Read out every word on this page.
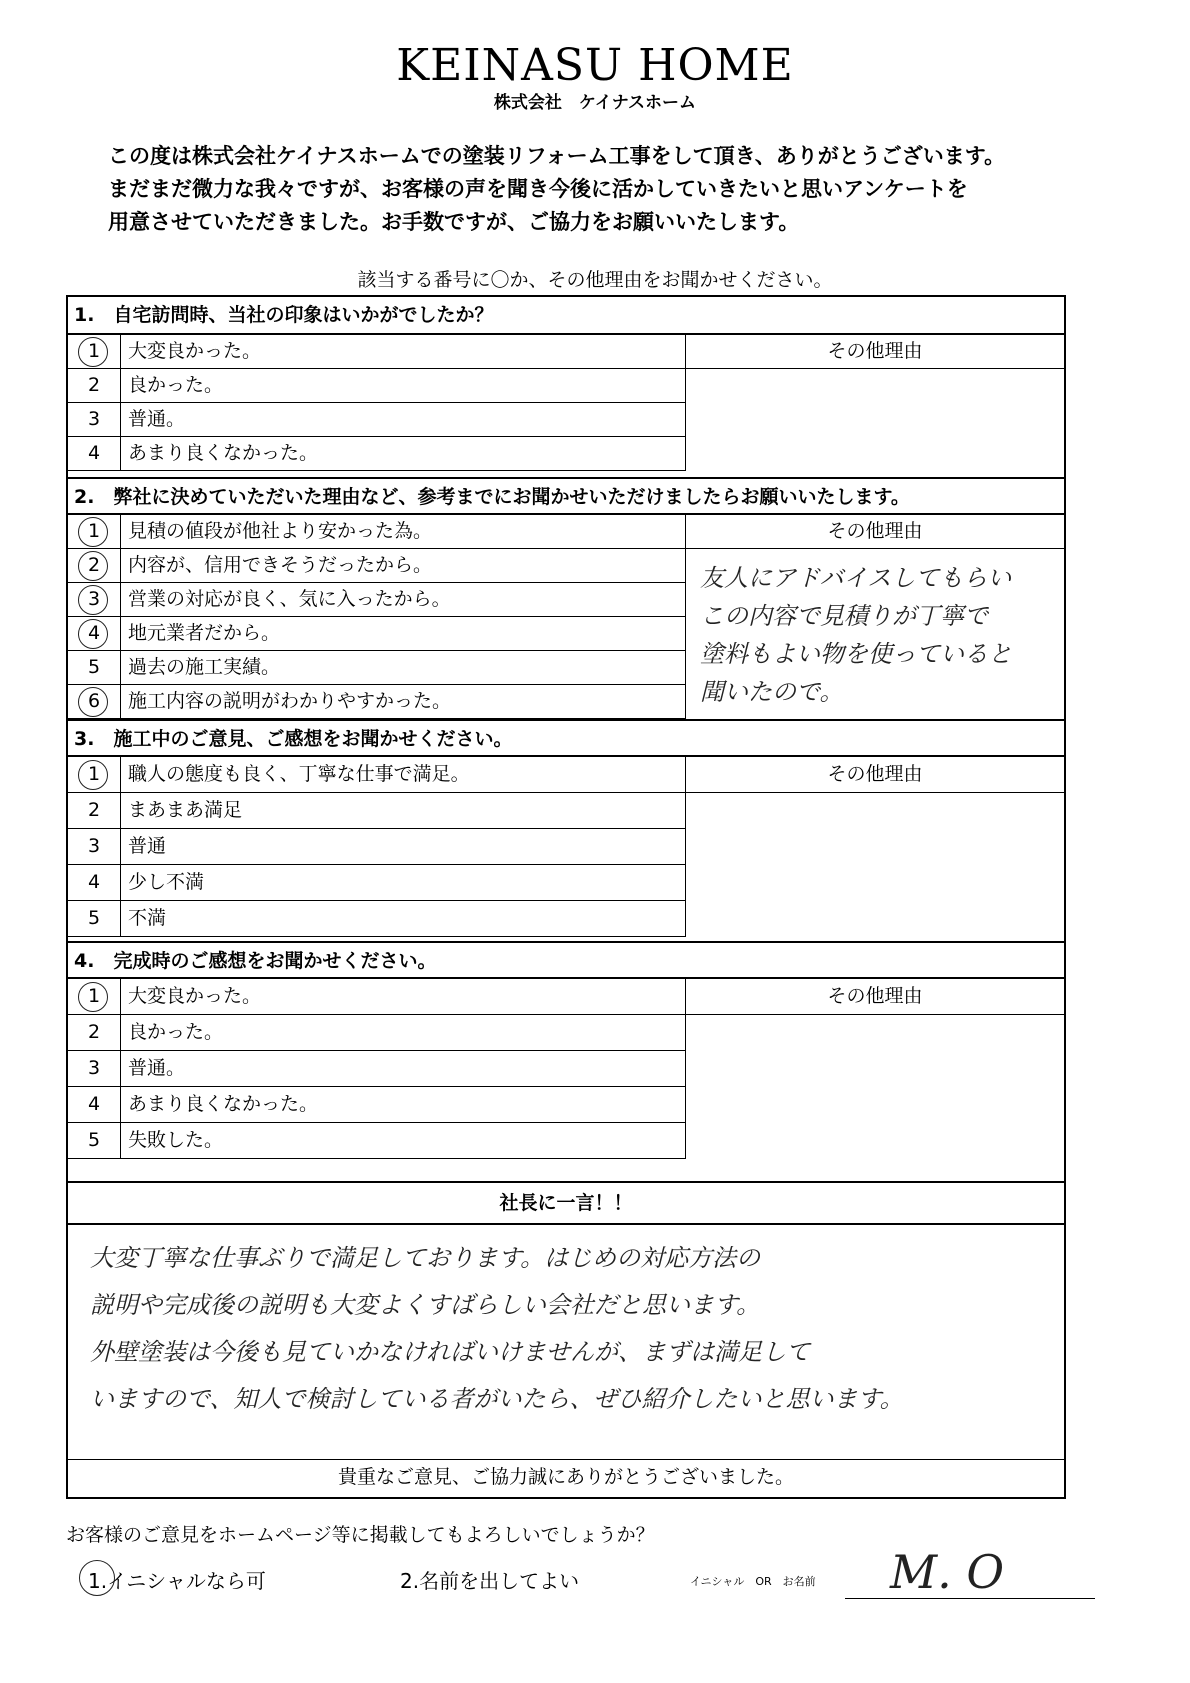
KEINASU HOME
株式会社　ケイナスホーム
この度は株式会社ケイナスホームでの塗装リフォーム工事をして頂き、ありがとうございます。
まだまだ微力な我々ですが、お客様の声を聞き今後に活かしていきたいと思いアンケートを
用意させていただきました。お手数ですが、ご協力をお願いいたします。
該当する番号に〇か、その他理由をお聞かせください。
1.　自宅訪問時、当社の印象はいかがでしたか？
1	大変良かった。
2	良かった。
3	普通。
4	あまり良くなかった。
その他理由
2.　弊社に決めていただいた理由など、参考までにお聞かせいただけましたらお願いいたします。
1	見積の値段が他社より安かった為。
2	内容が、信用できそうだったから。
3	営業の対応が良く、気に入ったから。
4	地元業者だから。
5	過去の施工実績。
6	施工内容の説明がわかりやすかった。
その他理由
友人にアドバイスしてもらい
この内容で見積りが丁寧で
塗料もよい物を使っていると
聞いたので。
3.　施工中のご意見、ご感想をお聞かせください。
1	職人の態度も良く、丁寧な仕事で満足。
2	まあまあ満足
3	普通
4	少し不満
5	不満
その他理由
4.　完成時のご感想をお聞かせください。
1	大変良かった。
2	良かった。
3	普通。
4	あまり良くなかった。
5	失敗した。
その他理由
社長に一言！！
大変丁寧な仕事ぶりで満足しております。はじめの対応方法の
説明や完成後の説明も大変よくすばらしい会社だと思います。
外壁塗装は今後も見ていかなければいけませんが、まずは満足して
いますので、知人で検討している者がいたら、ぜひ紹介したいと思います。
貴重なご意見、ご協力誠にありがとうございました。
お客様のご意見をホームページ等に掲載してもよろしいでしょうか？
1.イニシャルなら可	2.名前を出してよい	イニシャル　OR　お名前 M. O
